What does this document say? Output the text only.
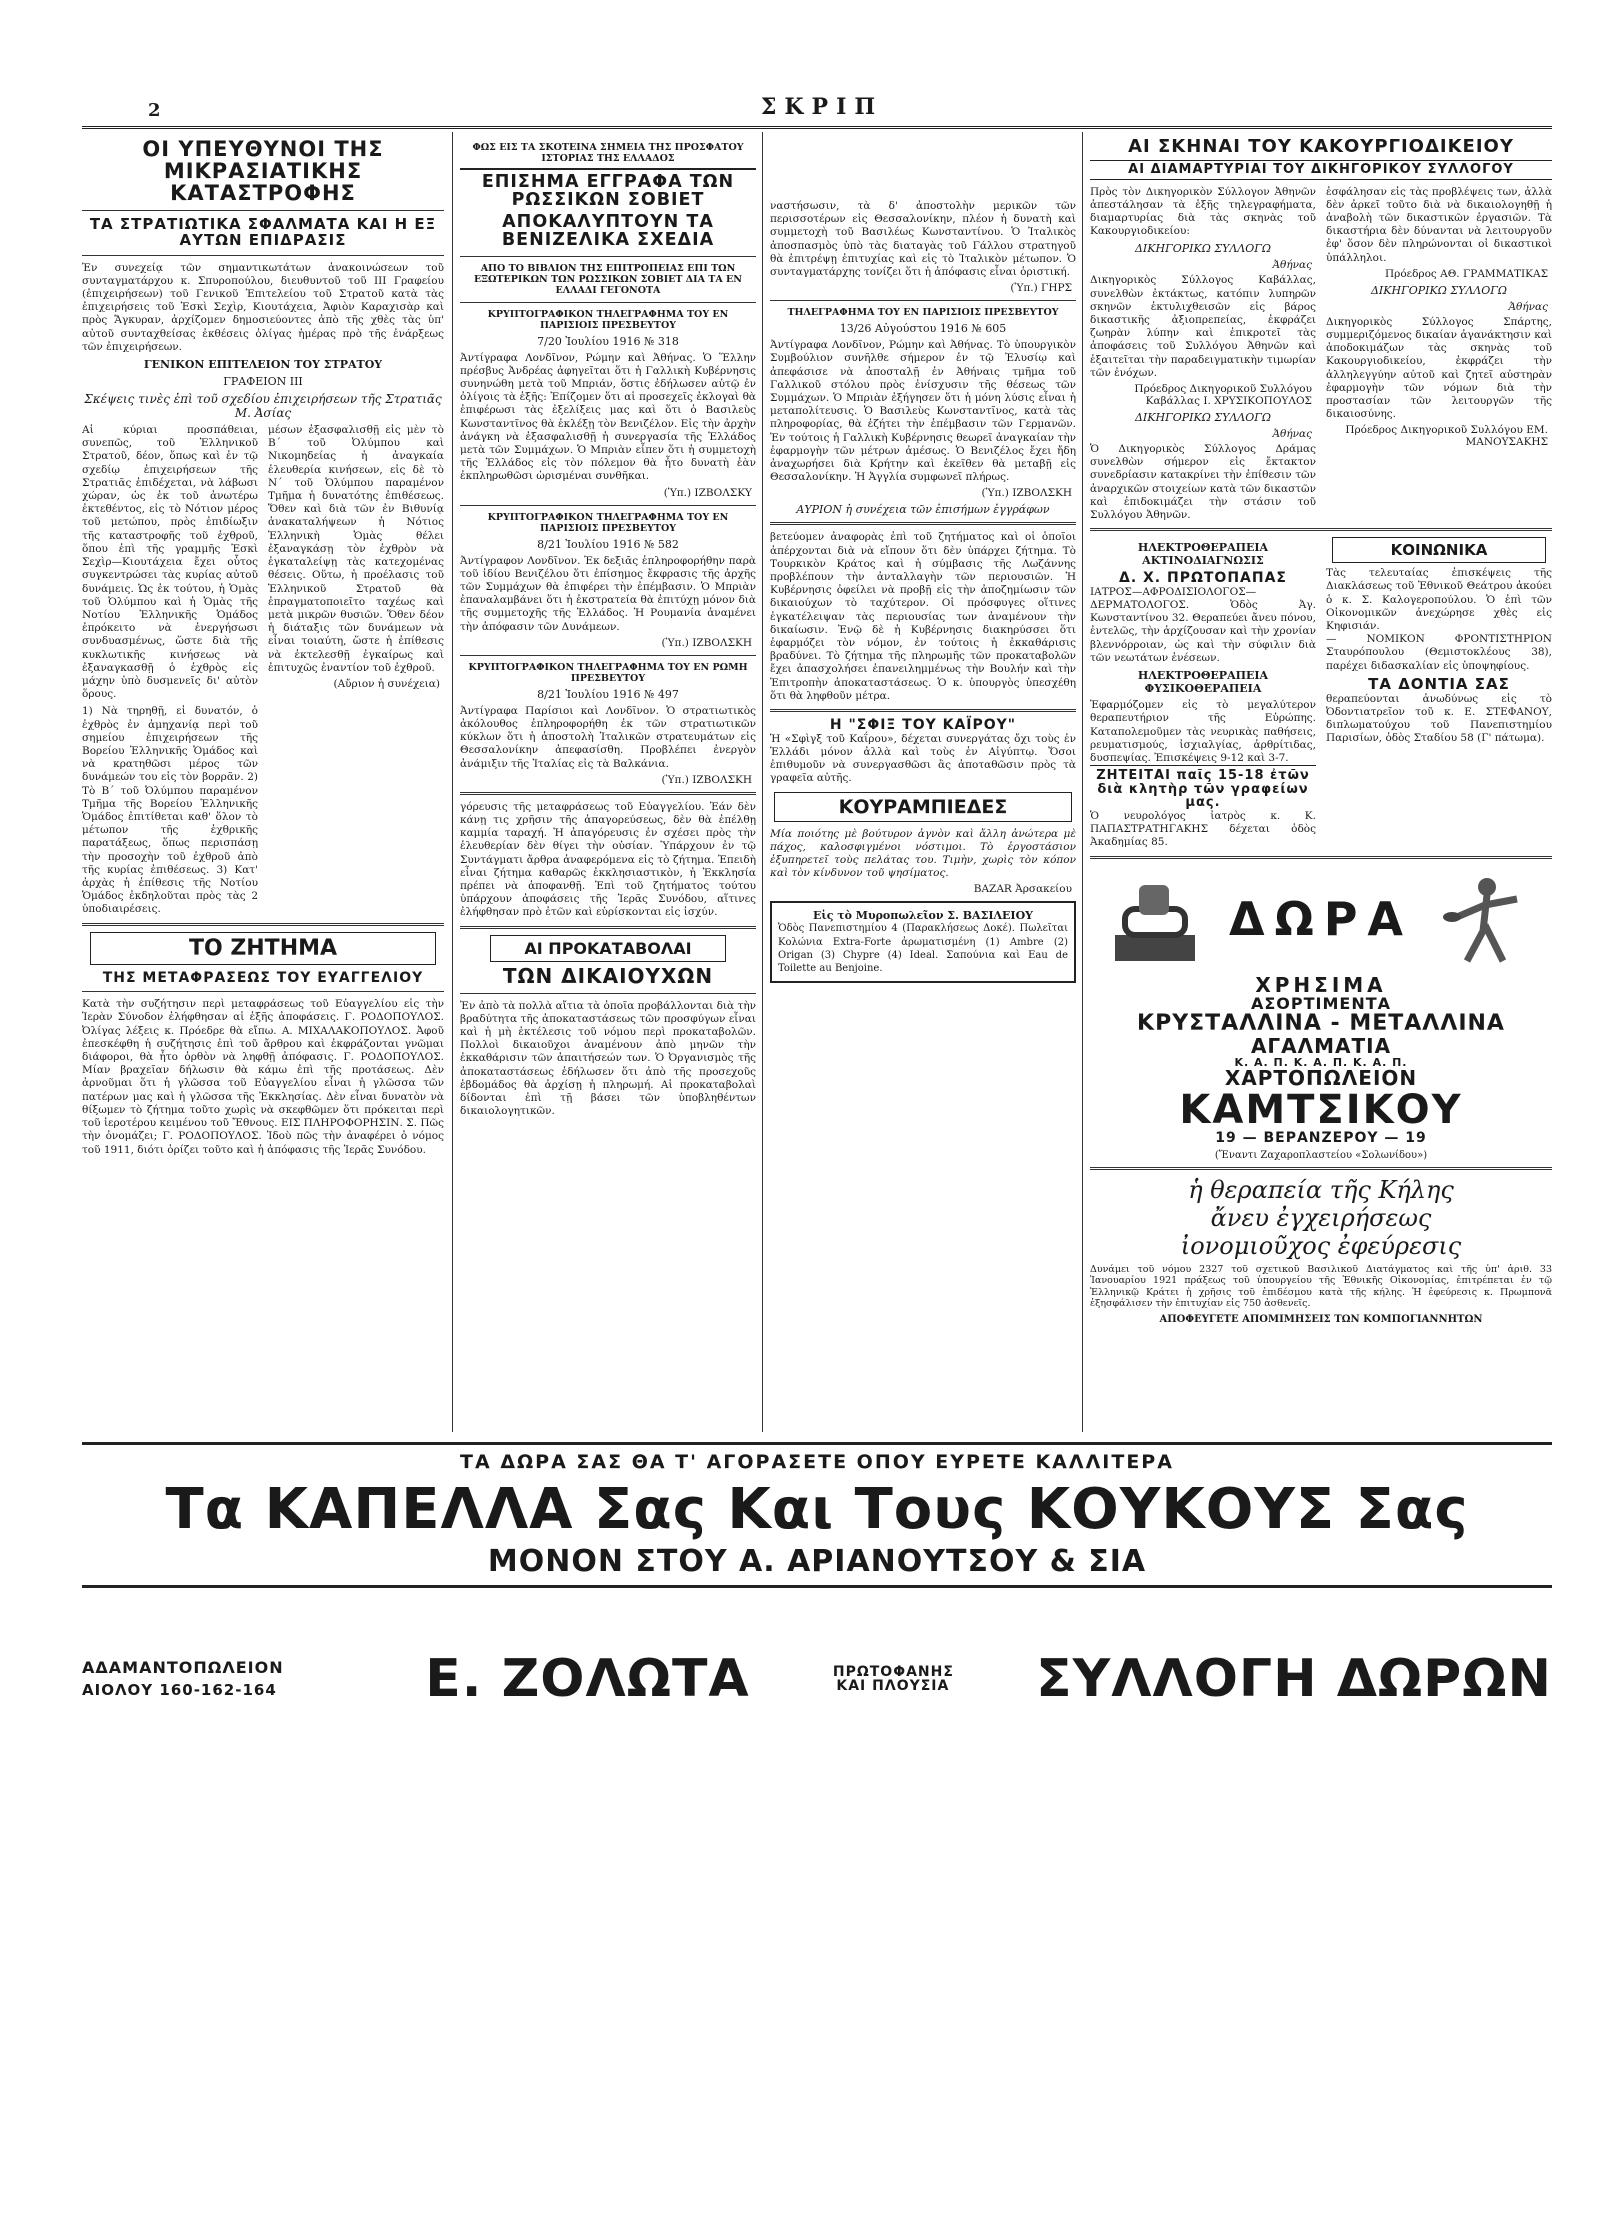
2	ΣΚΡΙΠ
ΟΙ ΥΠΕΥΘΥΝΟΙ ΤΗΣ ΜΙΚΡΑΣΙΑΤΙΚΗΣ ΚΑΤΑΣΤΡΟΦΗΣ
ΤΑ ΣΤΡΑΤΙΩΤΙΚΑ ΣΦΑΛΜΑΤΑ ΚΑΙ Η ΕΞ ΑΥΤΩΝ ΕΠΙΔΡΑΣΙΣ

Ἐν συνεχείᾳ τῶν σημαντικωτάτων ἀνακοινώσεων τοῦ συνταγματάρχου κ. Σπυροπούλου, διευθυντοῦ τοῦ III Γραφείου (ἐπιχειρήσεων) τοῦ Γενικοῦ Ἐπιτελείου τοῦ Στρατοῦ κατὰ τὰς ἐπιχειρήσεις τοῦ Ἐσκὶ Σεχὶρ, Κιουτάχεια, Ἀφιὸν Καραχισὰρ καὶ πρὸς Ἄγκυραν, ἀρχίζομεν δημοσιεύοντες ἀπὸ τῆς χθὲς τὰς ὑπ' αὐτοῦ συνταχθείσας ἐκθέσεις ὀλίγας ἡμέρας πρὸ τῆς ἐνάρξεως τῶν ἐπιχειρήσεων.

ΓΕΝΙΚΟΝ ΕΠΙΤΕΛΕΙΟΝ ΤΟΥ ΣΤΡΑΤΟΥ

ΓΡΑΦΕΙΟΝ III

Σκέψεις τινὲς ἐπὶ τοῦ σχεδίου ἐπιχειρήσεων τῆς Στρατιᾶς Μ. Ἀσίας

Αἱ κύριαι προσπάθειαι, συνεπῶς, τοῦ Ἑλληνικοῦ Στρατοῦ, δέον, ὅπως καὶ ἐν τῷ σχεδίῳ ἐπιχειρήσεων τῆς Στρατιᾶς ἐπιδέχεται, νὰ λάβωσι χώραν, ὡς ἐκ τοῦ ἀνωτέρω ἐκτεθέντος, εἰς τὸ Νότιον μέρος τοῦ μετώπου, πρὸς ἐπιδίωξιν τῆς καταστροφῆς τοῦ ἐχθροῦ, ὅπου ἐπὶ τῆς γραμμῆς Ἐσκὶ Σεχὶρ—Κιουτάχεια ἔχει οὗτος συγκεντρώσει τὰς κυρίας αὐτοῦ δυνάμεις. Ὡς ἐκ τούτου, ἡ Ὁμὰς τοῦ Ὀλύμπου καὶ ἡ Ὁμὰς τῆς Νοτίου Ἑλληνικῆς Ὁμάδος ἐπρόκειτο νὰ ἐνεργήσωσι συνδυασμένως, ὥστε διὰ τῆς κυκλωτικῆς κινήσεως νὰ ἐξαναγκασθῇ ὁ ἐχθρὸς εἰς μάχην ὑπὸ δυσμενεῖς δι' αὐτὸν ὅρους.

1) Νὰ τηρηθῇ, εἰ δυνατόν, ὁ ἐχθρὸς ἐν ἀμηχανίᾳ περὶ τοῦ σημείου ἐπιχειρήσεων τῆς Βορείου Ἑλληνικῆς Ὁμάδος καὶ νὰ κρατηθῶσι μέρος τῶν δυνάμεών του εἰς τὸν βορρᾶν. 2) Τὸ Β΄ τοῦ Ὀλύμπου παραμένον Τμῆμα τῆς Βορείου Ἑλληνικῆς Ὁμάδος ἐπιτίθεται καθ' ὅλον τὸ μέτωπον τῆς ἐχθρικῆς παρατάξεως, ὅπως περισπάσῃ τὴν προσοχὴν τοῦ ἐχθροῦ ἀπὸ τῆς κυρίας ἐπιθέσεως. 3) Κατ' ἀρχὰς ἡ ἐπίθεσις τῆς Νοτίου Ὁμάδος ἐκδηλοῦται πρὸς τὰς 2 ὑποδιαιρέσεις.

μέσων ἐξασφαλισθῇ εἰς μὲν τὸ Β΄ τοῦ Ὀλύμπου καὶ Νικομηδείας ἡ ἀναγκαία ἐλευθερία κινήσεων, εἰς δὲ τὸ Ν΄ τοῦ Ὀλύμπου παραμένον Τμῆμα ἡ δυνατότης ἐπιθέσεως. Ὅθεν καὶ διὰ τῶν ἐν Βιθυνίᾳ ἀνακαταλήψεων ἡ Νότιος Ἑλληνικὴ Ὁμὰς θέλει ἐξαναγκάσῃ τὸν ἐχθρὸν νὰ ἐγκαταλείψῃ τὰς κατεχομένας θέσεις. Οὕτω, ἡ προέλασις τοῦ Ἑλληνικοῦ Στρατοῦ θὰ ἐπραγματοποιεῖτο ταχέως καὶ μετὰ μικρῶν θυσιῶν. Ὅθεν δέον ἡ διάταξις τῶν δυνάμεων νὰ εἶναι τοιαύτη, ὥστε ἡ ἐπίθεσις νὰ ἐκτελεσθῇ ἐγκαίρως καὶ ἐπιτυχῶς ἐναντίον τοῦ ἐχθροῦ.

(Αὔριον ἡ συνέχεια)

ΤΟ ΖΗΤΗΜΑ

ΤΗΣ ΜΕΤΑΦΡΑΣΕΩΣ ΤΟΥ ΕΥΑΓΓΕΛΙΟΥ

Κατὰ τὴν συζήτησιν περὶ μεταφράσεως τοῦ Εὐαγγελίου εἰς τὴν Ἱερὰν Σύνοδον ἐλήφθησαν αἱ ἑξῆς ἀποφάσεις. Γ. ΡΟΔΟΠΟΥΛΟΣ. Ὀλίγας λέξεις κ. Πρόεδρε θὰ εἴπω. Α. ΜΙΧΑΛΑΚΟΠΟΥΛΟΣ. Ἀφοῦ ἐπεσκέφθη ἡ συζήτησις ἐπὶ τοῦ ἄρθρου καὶ ἐκφράζονται γνῶμαι διάφοροι, θὰ ἦτο ὀρθὸν νὰ ληφθῇ ἀπόφασις. Γ. ΡΟΔΟΠΟΥΛΟΣ. Μίαν βραχεῖαν δήλωσιν θὰ κάμω ἐπὶ τῆς προτάσεως. Δὲν ἀρνοῦμαι ὅτι ἡ γλῶσσα τοῦ Εὐαγγελίου εἶναι ἡ γλῶσσα τῶν πατέρων μας καὶ ἡ γλῶσσα τῆς Ἐκκλησίας. Δὲν εἶναι δυνατὸν νὰ θίξωμεν τὸ ζήτημα τοῦτο χωρὶς νὰ σκεφθῶμεν ὅτι πρόκειται περὶ τοῦ ἱεροτέρου κειμένου τοῦ Ἔθνους. ΕΙΣ ΠΛΗΡΟΦΟΡΗΣΙΝ. Σ. Πῶς τὴν ὀνομάζει; Γ. ΡΟΔΟΠΟΥΛΟΣ. Ἰδοὺ πῶς τὴν ἀναφέρει ὁ νόμος τοῦ 1911, διότι ὁρίζει τοῦτο καὶ ἡ ἀπόφασις τῆς Ἱερᾶς Συνόδου.

ΦΩΣ ΕΙΣ ΤΑ ΣΚΟΤΕΙΝΑ ΣΗΜΕΙΑ ΤΗΣ ΠΡΟΣΦΑΤΟΥ ΙΣΤΟΡΙΑΣ ΤΗΣ ΕΛΛΑΔΟΣ

ΕΠΙΣΗΜΑ ΕΓΓΡΑΦΑ ΤΩΝ ΡΩΣΣΙΚΩΝ ΣΟΒΙΕΤ
ΑΠΟΚΑΛΥΠΤΟΥΝ ΤΑ ΒΕΝΙΖΕΛΙΚΑ ΣΧΕΔΙΑ

ΑΠΟ ΤΟ ΒΙΒΛΙΟΝ ΤΗΣ ΕΠΙΤΡΟΠΕΙΑΣ ΕΠΙ ΤΩΝ ΕΞΩΤΕΡΙΚΩΝ ΤΩΝ ΡΩΣΣΙΚΩΝ ΣΟΒΙΕΤ ΔΙΑ ΤΑ ΕΝ ΕΛΛΑΔΙ ΓΕΓΟΝΟΤΑ

ΚΡΥΠΤΟΓΡΑΦΙΚΟΝ ΤΗΛΕΓΡΑΦΗΜΑ ΤΟΥ ΕΝ ΠΑΡΙΣΙΟΙΣ ΠΡΕΣΒΕΥΤΟΥ

7/20 Ἰουλίου 1916 № 318

Ἀντίγραφα Λονδῖνον, Ρώμην καὶ Ἀθήνας. Ὁ Ἕλλην πρέσβυς Ἀνδρέας ἀφηγεῖται ὅτι ἡ Γαλλικὴ Κυβέρνησις συνηνώθη μετὰ τοῦ Μπριάν, ὅστις ἐδήλωσεν αὐτῷ ἐν ὀλίγοις τὰ ἑξῆς: Ἐπίζομεν ὅτι αἱ προσεχεῖς ἐκλογαὶ θὰ ἐπιφέρωσι τὰς ἐξελίξεις μας καὶ ὅτι ὁ Βασιλεὺς Κωνσταντῖνος θὰ ἐκλέξῃ τὸν Βενιζέλον. Εἰς τὴν ἀρχὴν ἀνάγκη νὰ ἐξασφαλισθῇ ἡ συνεργασία τῆς Ἑλλάδος μετὰ τῶν Συμμάχων. Ὁ Μπριὰν εἶπεν ὅτι ἡ συμμετοχὴ τῆς Ἑλλάδος εἰς τὸν πόλεμον θὰ ἦτο δυνατὴ ἐὰν ἐκπληρωθῶσι ὡρισμέναι συνθῆκαι.

(Ὑπ.) ΙΖΒΟΛΣΚΥ

ΚΡΥΠΤΟΓΡΑΦΙΚΟΝ ΤΗΛΕΓΡΑΦΗΜΑ ΤΟΥ ΕΝ ΠΑΡΙΣΙΟΙΣ ΠΡΕΣΒΕΥΤΟΥ

8/21 Ἰουλίου 1916 № 582

Ἀντίγραφον Λονδῖνον. Ἐκ δεξιᾶς ἐπληροφορήθην παρὰ τοῦ ἰδίου Βενιζέλου ὅτι ἐπίσημος ἔκφρασις τῆς ἀρχῆς τῶν Συμμάχων θὰ ἐπιφέρει τὴν ἐπέμβασιν. Ὁ Μπριὰν ἐπαναλαμβάνει ὅτι ἡ ἐκστρατεία θὰ ἐπιτύχῃ μόνον διὰ τῆς συμμετοχῆς τῆς Ἑλλάδος. Ἡ Ρουμανία ἀναμένει τὴν ἀπόφασιν τῶν Δυνάμεων.

(Ὑπ.) ΙΖΒΟΛΣΚΗ

ΚΡΥΠΤΟΓΡΑΦΙΚΟΝ ΤΗΛΕΓΡΑΦΗΜΑ ΤΟΥ ΕΝ ΡΩΜΗ ΠΡΕΣΒΕΥΤΟΥ

8/21 Ἰουλίου 1916 № 497

Ἀντίγραφα Παρίσιοι καὶ Λονδῖνον. Ὁ στρατιωτικὸς ἀκόλουθος ἐπληροφορήθη ἐκ τῶν στρατιωτικῶν κύκλων ὅτι ἡ ἀποστολὴ Ἰταλικῶν στρατευμάτων εἰς Θεσσαλονίκην ἀπεφασίσθη. Προβλέπει ἐνεργὸν ἀνάμιξιν τῆς Ἰταλίας εἰς τὰ Βαλκάνια.

(Ὑπ.) ΙΖΒΟΛΣΚΗ

γόρευσις τῆς μεταφράσεως τοῦ Εὐαγγελίου. Ἐάν δὲν κάνῃ τις χρῆσιν τῆς ἀπαγορεύσεως, δὲν θὰ ἐπέλθῃ καμμία ταραχή. Ἡ ἀπαγόρευσις ἐν σχέσει πρὸς τὴν ἐλευθερίαν δὲν θίγει τὴν οὐσίαν. Ὑπάρχουν ἐν τῷ Συντάγματι ἄρθρα ἀναφερόμενα εἰς τὸ ζήτημα. Ἐπειδὴ εἶναι ζήτημα καθαρῶς ἐκκλησιαστικὸν, ἡ Ἐκκλησία πρέπει νὰ ἀποφανθῇ. Ἐπὶ τοῦ ζητήματος τούτου ὑπάρχουν ἀποφάσεις τῆς Ἱερᾶς Συνόδου, αἵτινες ἐλήφθησαν πρὸ ἐτῶν καὶ εὐρίσκονται εἰς ἰσχύν.

ΑΙ ΠΡΟΚΑΤΑΒΟΛΑΙ

ΤΩΝ ΔΙΚΑΙΟΥΧΩΝ

Ἐν ἀπὸ τὰ πολλὰ αἴτια τὰ ὁποῖα προβάλλονται διὰ τὴν βραδύτητα τῆς ἀποκαταστάσεως τῶν προσφύγων εἶναι καὶ ἡ μὴ ἐκτέλεσις τοῦ νόμου περὶ προκαταβολῶν. Πολλοὶ δικαιοῦχοι ἀναμένουν ἀπὸ μηνῶν τὴν ἐκκαθάρισιν τῶν ἀπαιτήσεών των. Ὁ Ὀργανισμὸς τῆς ἀποκαταστάσεως ἐδήλωσεν ὅτι ἀπὸ τῆς προσεχοῦς ἑβδομάδος θὰ ἀρχίσῃ ἡ πληρωμή. Αἱ προκαταβολαὶ δίδονται ἐπὶ τῇ βάσει τῶν ὑποβληθέντων δικαιολογητικῶν.

ναστήσωσιν, τὰ δ' ἀποστολὴν μερικῶν τῶν περισσοτέρων εἰς Θεσσαλονίκην, πλέον ἡ δυνατὴ καὶ συμμετοχὴ τοῦ Βασιλέως Κωνσταντίνου. Ὁ Ἰταλικὸς ἀποσπασμὸς ὑπὸ τὰς διαταγὰς τοῦ Γάλλου στρατηγοῦ θὰ ἐπιτρέψῃ ἐπιτυχίας καὶ εἰς τὸ Ἰταλικὸν μέτωπον. Ὁ συνταγματάρχης τονίζει ὅτι ἡ ἀπόφασις εἶναι ὁριστική.

(Ὑπ.) ΓΗΡΣ

ΤΗΛΕΓΡΑΦΗΜΑ ΤΟΥ ΕΝ ΠΑΡΙΣΙΟΙΣ ΠΡΕΣΒΕΥΤΟΥ

13/26 Αὐγούστου 1916 № 605

Ἀντίγραφα Λονδῖνον, Ρώμην καὶ Ἀθήνας. Τὸ ὑπουργικὸν Συμβούλιον συνῆλθε σήμερον ἐν τῷ Ἐλυσίῳ καὶ ἀπεφάσισε νὰ ἀποσταλῇ ἐν Ἀθήναις τμῆμα τοῦ Γαλλικοῦ στόλου πρὸς ἐνίσχυσιν τῆς θέσεως τῶν Συμμάχων. Ὁ Μπριὰν ἐξήγησεν ὅτι ἡ μόνη λύσις εἶναι ἡ μεταπολίτευσις. Ὁ Βασιλεὺς Κωνσταντῖνος, κατὰ τὰς πληροφορίας, θὰ ἐζήτει τὴν ἐπέμβασιν τῶν Γερμανῶν. Ἐν τούτοις ἡ Γαλλικὴ Κυβέρνησις θεωρεῖ ἀναγκαίαν τὴν ἐφαρμογὴν τῶν μέτρων ἀμέσως. Ὁ Βενιζέλος ἔχει ἤδη ἀναχωρήσει διὰ Κρήτην καὶ ἐκεῖθεν θὰ μεταβῇ εἰς Θεσσαλονίκην. Ἡ Ἀγγλία συμφωνεῖ πλήρως.

(Ὑπ.) ΙΖΒΟΛΣΚΗ

ΑΥΡΙΟΝ ἡ συνέχεια τῶν ἐπισήμων ἐγγράφων

βετεύομεν ἀναφορὰς ἐπὶ τοῦ ζητήματος καὶ οἱ ὁποῖοι ἀπέρχονται διὰ νὰ εἴπουν ὅτι δὲν ὑπάρχει ζήτημα. Τὸ Τουρκικὸν Κράτος καὶ ἡ σύμβασις τῆς Λωζάννης προβλέπουν τὴν ἀνταλλαγὴν τῶν περιουσιῶν. Ἡ Κυβέρνησις ὀφείλει νὰ προβῇ εἰς τὴν ἀποζημίωσιν τῶν δικαιούχων τὸ ταχύτερον. Οἱ πρόσφυγες οἵτινες ἐγκατέλειψαν τὰς περιουσίας των ἀναμένουν τὴν δικαίωσιν. Ἐνῷ δὲ ἡ Κυβέρνησις διακηρύσσει ὅτι ἐφαρμόζει τὸν νόμον, ἐν τούτοις ἡ ἐκκαθάρισις βραδύνει. Τὸ ζήτημα τῆς πληρωμῆς τῶν προκαταβολῶν ἔχει ἀπασχολήσει ἐπανειλημμένως τὴν Βουλήν καὶ τὴν Ἐπιτροπὴν ἀποκαταστάσεως. Ὁ κ. ὑπουργὸς ὑπεσχέθη ὅτι θὰ ληφθοῦν μέτρα.

Η "ΣΦΙΞ ΤΟΥ ΚΑΪΡΟΥ"

Ἡ «Σφὶγξ τοῦ Καΐρου», δέχεται συνεργάτας ὄχι τοὺς ἐν Ἑλλάδι μόνον ἀλλὰ καὶ τοὺς ἐν Αἰγύπτῳ. Ὅσοι ἐπιθυμοῦν νὰ συνεργασθῶσι ἂς ἀποταθῶσιν πρὸς τὰ γραφεῖα αὐτῆς.

ΚΟΥΡΑΜΠΙΕΔΕΣ

Μία ποιότης μὲ βούτυρον ἀγνὸν καὶ ἄλλη ἀνώτερα μὲ πάχος, καλοσφιγμένοι νόστιμοι. Τὸ ἐργοστάσιον ἐξυπηρετεῖ τοὺς πελάτας του. Τιμὴν, χωρὶς τὸν κόπον καὶ τὸν κίνδυνον τοῦ ψησίματος.

BAZAR Ἀρσακείου

Εἰς τὸ Μυροπωλεῖον Σ. ΒΑΣΙΛΕΙΟΥ

Ὁδὸς Πανεπιστημίου 4 (Παρακλήσεως Δοκέ). Πωλεῖται Κολώνια Extra-Forte ἀρωματισμένη (1) Ambre (2) Origan (3) Chypre (4) Ideal. Σαπούνια καὶ Eau de Toilette au Benjoine.

ΑΙ ΣΚΗΝΑΙ ΤΟΥ ΚΑΚΟΥΡΓΙΟΔΙΚΕΙΟΥ
ΑΙ ΔΙΑΜΑΡΤΥΡΙΑΙ ΤΟΥ ΔΙΚΗΓΟΡΙΚΟΥ ΣΥΛΛΟΓΟΥ

Πρὸς τὸν Δικηγορικὸν Σύλλογον Ἀθηνῶν ἀπεστάλησαν τὰ ἑξῆς τηλεγραφήματα, διαμαρτυρίας διὰ τὰς σκηνὰς τοῦ Κακουργιοδικείου:

ΔΙΚΗΓΟΡΙΚΩ ΣΥΛΛΟΓΩ

Ἀθήνας

Δικηγορικὸς Σύλλογος Καβάλλας, συνελθὼν ἐκτάκτως, κατόπιν λυπηρῶν σκηνῶν ἐκτυλιχθεισῶν εἰς βάρος δικαστικῆς ἀξιοπρεπείας, ἐκφράζει ζωηρὰν λύπην καὶ ἐπικροτεῖ τὰς ἀποφάσεις τοῦ Συλλόγου Ἀθηνῶν καὶ ἐξαιτεῖται τὴν παραδειγματικὴν τιμωρίαν τῶν ἐνόχων.

Πρόεδρος Δικηγορικοῦ Συλλόγου Καβάλλας Ι. ΧΡΥΣΙΚΟΠΟΥΛΟΣ

ΔΙΚΗΓΟΡΙΚΩ ΣΥΛΛΟΓΩ

Ἀθήνας

Ὁ Δικηγορικὸς Σύλλογος Δράμας συνελθὼν σήμερον εἰς ἔκτακτον συνεδρίασιν κατακρίνει τὴν ἐπίθεσιν τῶν ἀναρχικῶν στοιχείων κατὰ τῶν δικαστῶν καὶ ἐπιδοκιμάζει τὴν στάσιν τοῦ Συλλόγου Ἀθηνῶν.

ἐσφάλησαν εἰς τὰς προβλέψεις των, ἀλλὰ δὲν ἀρκεῖ τοῦτο διὰ νὰ δικαιολογηθῇ ἡ ἀναβολὴ τῶν δικαστικῶν ἐργασιῶν. Τὰ δικαστήρια δὲν δύνανται νὰ λειτουργοῦν ἐφ' ὅσον δὲν πληρώνονται οἱ δικαστικοὶ ὑπάλληλοι.

Πρόεδρος ΑΘ. ΓΡΑΜΜΑΤΙΚΑΣ

ΔΙΚΗΓΟΡΙΚΩ ΣΥΛΛΟΓΩ

Ἀθήνας

Δικηγορικὸς Σύλλογος Σπάρτης, συμμεριζόμενος δικαίαν ἀγανάκτησιν καὶ ἀποδοκιμάζων τὰς σκηνὰς τοῦ Κακουργιοδικείου, ἐκφράζει τὴν ἀλληλεγγύην αὐτοῦ καὶ ζητεῖ αὐστηρὰν ἐφαρμογὴν τῶν νόμων διὰ τὴν προστασίαν τῶν λειτουργῶν τῆς δικαιοσύνης.

Πρόεδρος Δικηγορικοῦ Συλλόγου ΕΜ. ΜΑΝΟΥΣΑΚΗΣ

ΗΛΕΚΤΡΟΘΕΡΑΠΕΙΑ ΑΚΤΙΝΟΔΙΑΓΝΩΣΙΣ

Δ. Χ. ΠΡΩΤΟΠΑΠΑΣ

ΙΑΤΡΟΣ—ΑΦΡΟΔΙΣΙΟΛΟΓΟΣ—ΔΕΡΜΑΤΟΛΟΓΟΣ. Ὁδὸς Ἀγ. Κωνσταντίνου 32. Θεραπεύει ἄνευ πόνου, ἐντελῶς, τὴν ἀρχίζουσαν καὶ τὴν χρονίαν βλεννόρροιαν, ὡς καὶ τὴν σύφιλιν διὰ τῶν νεωτάτων ἐνέσεων.

ΗΛΕΚΤΡΟΘΕΡΑΠΕΙΑ ΦΥΣΙΚΟΘΕΡΑΠΕΙΑ

Ἐφαρμόζομεν εἰς τὸ μεγαλύτερον θεραπευτήριον τῆς Εὐρώπης. Καταπολεμοῦμεν τὰς νευρικὰς παθήσεις, ρευματισμούς, ἰσχιαλγίας, ἀρθρίτιδας, δυσπεψίας. Ἐπισκέψεις 9-12 καὶ 3-7.

ΖΗΤΕΙΤΑΙ παῖς 15-18 ἐτῶν διὰ κλητὴρ τῶν γραφείων μας.

Ὁ νευρολόγος ἰατρὸς κ. Κ. ΠΑΠΑΣΤΡΑΤΗΓΑΚΗΣ δέχεται ὁδὸς Ἀκαδημίας 85.

ΚΟΙΝΩΝΙΚΑ

Τὰς τελευταίας ἐπισκέψεις τῆς Διακλάσεως τοῦ Ἐθνικοῦ Θεάτρου ἀκούει ὁ κ. Σ. Καλογεροπούλου. Ὁ ἐπὶ τῶν Οἰκονομικῶν ἀνεχώρησε χθὲς εἰς Κηφισιάν.

— ΝΟΜΙΚΟΝ ΦΡΟΝΤΙΣΤΗΡΙΟΝ Σταυρόπουλου (Θεμιστοκλέους 38), παρέχει διδασκαλίαν εἰς ὑποψηφίους.

ΤΑ ΔΟΝΤΙΑ ΣΑΣ

θεραπεύονται ἀνωδύνως εἰς τὸ Ὀδοντιατρεῖον τοῦ κ. Ε. ΣΤΕΦΑΝΟΥ, διπλωματούχου τοῦ Πανεπιστημίου Παρισίων, ὁδὸς Σταδίου 58 (Γ' πάτωμα).

ΔΩΡΑ

ΧΡΗΣΙΜΑ

ΑΣΟΡΤΙΜΕΝΤΑ

ΚΡΥΣΤΑΛΛΙΝΑ - ΜΕΤΑΛΛΙΝΑ

ΑΓΑΛΜΑΤΙΑ

Κ. Α. Π. Κ. Α. Π. Κ. Α. Π.

ΧΑΡΤΟΠΩΛΕΙΟΝ

ΚΑΜΤΣΙΚΟΥ

19 — ΒΕΡΑΝΖΕΡΟΥ — 19

(Ἔναντι Ζαχαροπλαστείου «Σολωνίδου»)

ἡ θεραπεία τῆς Κήλης

ἄνευ ἐγχειρήσεως

ἰονομιοῦχος ἐφεύρεσις

Δυνάμει τοῦ νόμου 2327 τοῦ σχετικοῦ Βασιλικοῦ Διατάγματος καὶ τῆς ὑπ' ἀριθ. 33 Ἰανουαρίου 1921 πράξεως τοῦ ὑπουργείου τῆς Ἐθνικῆς Οἰκονομίας, ἐπιτρέπεται ἐν τῷ Ἑλληνικῷ Κράτει ἡ χρῆσις τοῦ ἐπιδέσμου κατὰ τῆς κήλης. Ἡ ἐφεύρεσις κ. Πρωμπονᾶ ἐξησφάλισεν τὴν ἐπιτυχίαν εἰς 750 ἀσθενεῖς.

ΑΠΟΦΕΥΓΕΤΕ ΑΠΟΜΙΜΗΣΕΙΣ ΤΩΝ ΚΟΜΠΟΓΙΑΝΝΗΤΩΝ

ΤΑ ΔΩΡΑ ΣΑΣ ΘΑ Τ' ΑΓΟΡΑΣΕΤΕ ΟΠΟΥ ΕΥΡΕΤΕ ΚΑΛΛΙΤΕΡΑ

Τα ΚΑΠΕΛΛΑ Σας Και Τους ΚΟΥΚΟΥΣ Σας

ΜΟΝΟΝ ΣΤΟΥ Α. ΑΡΙΑΝΟΥΤΣΟΥ & ΣΙΑ

ΑΔΑΜΑΝΤΟΠΩΛΕΙΟΝ

ΑΙΟΛΟΥ 160-162-164	Ε. ΖΟΛΩΤΑ	ΠΡΩΤΟΦΑΝΗΣ

ΚΑΙ ΠΛΟΥΣΙΑ ΣΥΛΛΟΓΗ ΔΩΡΩΝ
